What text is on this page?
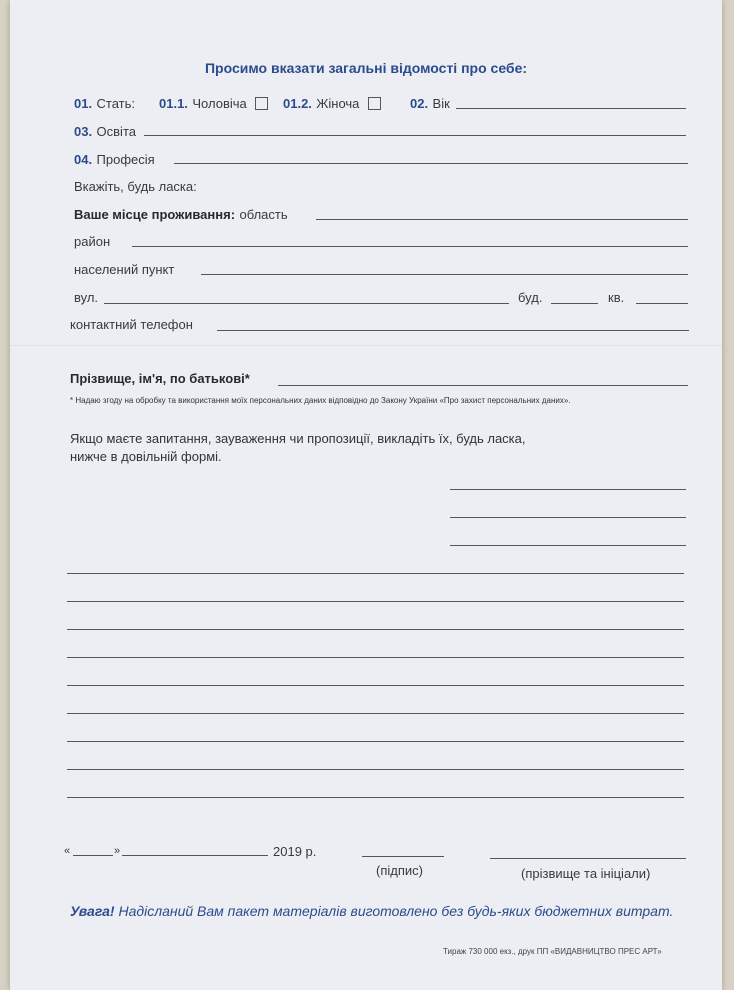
Просимо вказати загальні відомості про себе:
01. Стать: 01.1. Чоловіча	01.2. Жіноча	02. Вік
03. Освіта
04. Професія
Вкажіть, будь ласка:
Ваше місце проживання: область
район
населений пункт
вул.	буд.	кв.
контактний телефон
Прізвище, ім'я, по батькові*
* Надаю згоду на обробку та використання моїх персональних даних відповідно до Закону України «Про захист персональних даних».
Якщо маєте запитання, зауваження чи пропозиції, викладіть їх, будь ласка,
нижче в довільній формі.
«	»	2019 р.
(підпис)	(прізвище та ініціали)
Увага! Надісланий Вам пакет матеріалів виготовлено без будь-яких бюджетних витрат.
Тираж 730 000 екз., друк ПП «ВИДАВНИЦТВО ПРЕС АРТ»
